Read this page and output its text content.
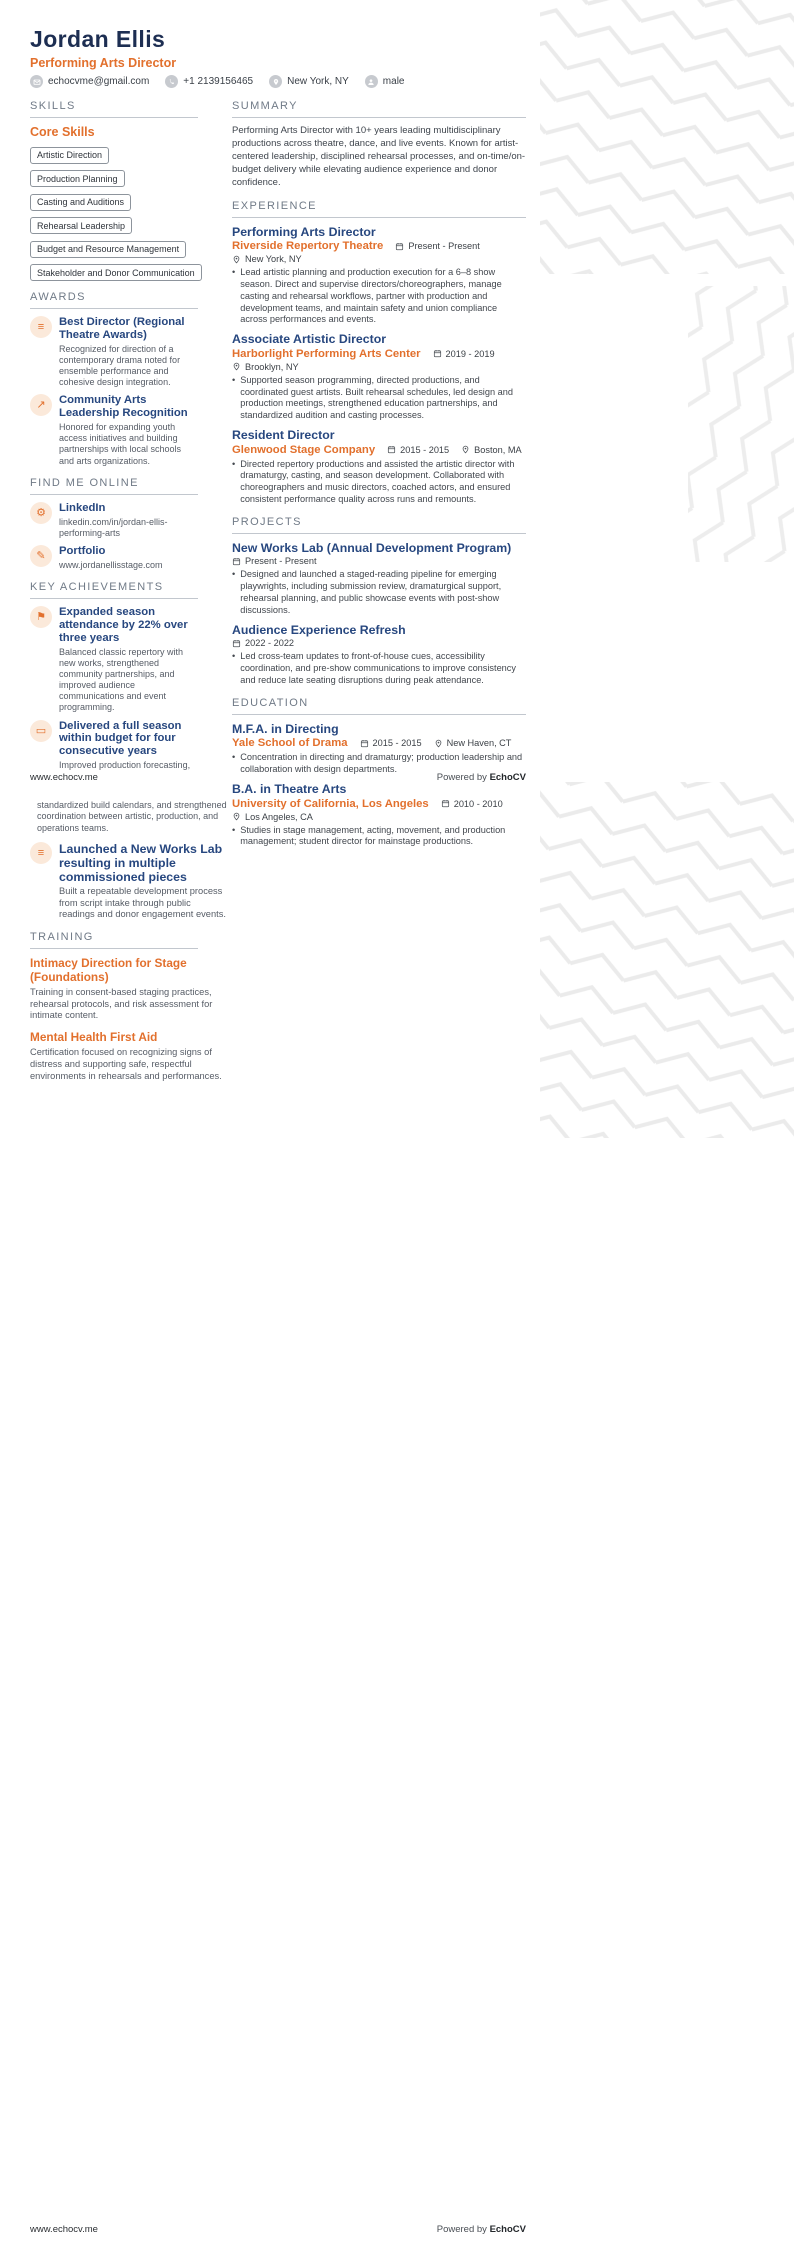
Jordan Ellis
Performing Arts Director
echocvme@gmail.com	+1 2139156465	New York, NY	male
SKILLS
Core Skills
Artistic Direction
Production Planning
Casting and Auditions
Rehearsal Leadership
Budget and Resource Management
Stakeholder and Donor Communication
AWARDS
≡	Best Director (Regional Theatre Awards)
Recognized for direction of a contemporary drama noted for ensemble performance and cohesive design integration.
↗	Community Arts Leadership Recognition
Honored for expanding youth access initiatives and building partnerships with local schools and arts organizations.
FIND ME ONLINE
⚙	LinkedIn
linkedin.com/in/jordan-ellis-performing-arts
✎	Portfolio
www.jordanellisstage.com
KEY ACHIEVEMENTS
⚑	Expanded season attendance by 22% over three years
Balanced classic repertory with new works, strengthened community partnerships, and improved audience communications and event programming.
▭	Delivered a full season within budget for four consecutive years
Improved production forecasting,
SUMMARY
Performing Arts Director with 10+ years leading multidisciplinary productions across theatre, dance, and live events. Known for artist-centered leadership, disciplined rehearsal processes, and on-time/on-budget delivery while elevating audience experience and donor confidence.
EXPERIENCE
Performing Arts Director
Riverside Repertory Theatre	Present - Present
New York, NY
• Lead artistic planning and production execution for a 6–8 show season. Direct and supervise directors/choreographers, manage casting and rehearsal workflows, partner with production and development teams, and maintain safety and union compliance across performances and events.
Associate Artistic Director
Harborlight Performing Arts Center	2019 - 2019
Brooklyn, NY
• Supported season programming, directed productions, and coordinated guest artists. Built rehearsal schedules, led design and production meetings, strengthened education partnerships, and standardized audition and casting processes.
Resident Director
Glenwood Stage Company	2015 - 2015	Boston, MA
• Directed repertory productions and assisted the artistic director with dramaturgy, casting, and season development. Collaborated with choreographers and music directors, coached actors, and ensured consistent performance quality across runs and remounts.
PROJECTS
New Works Lab (Annual Development Program)
Present - Present
• Designed and launched a staged-reading pipeline for emerging playwrights, including submission review, dramaturgical support, rehearsal planning, and public showcase events with post-show discussions.
Audience Experience Refresh
2022 - 2022
• Led cross-team updates to front-of-house cues, accessibility coordination, and pre-show communications to improve consistency and reduce late seating disruptions during peak attendance.
EDUCATION
M.F.A. in Directing
Yale School of Drama	2015 - 2015	New Haven, CT
• Concentration in directing and dramaturgy; production leadership and collaboration with design departments.
B.A. in Theatre Arts
University of California, Los Angeles	2010 - 2010
Los Angeles, CA
• Studies in stage management, acting, movement, and production management; student director for mainstage productions.
www.echocv.me	Powered by EchoCV
standardized build calendars, and strengthened coordination between artistic, production, and operations teams.
≡	Launched a New Works Lab resulting in multiple commissioned pieces
Built a repeatable development process from script intake through public readings and donor engagement events.
TRAINING
Intimacy Direction for Stage (Foundations)
Training in consent-based staging practices, rehearsal protocols, and risk assessment for intimate content.
Mental Health First Aid
Certification focused on recognizing signs of distress and supporting safe, respectful environments in rehearsals and performances.
www.echocv.me	Powered by EchoCV
